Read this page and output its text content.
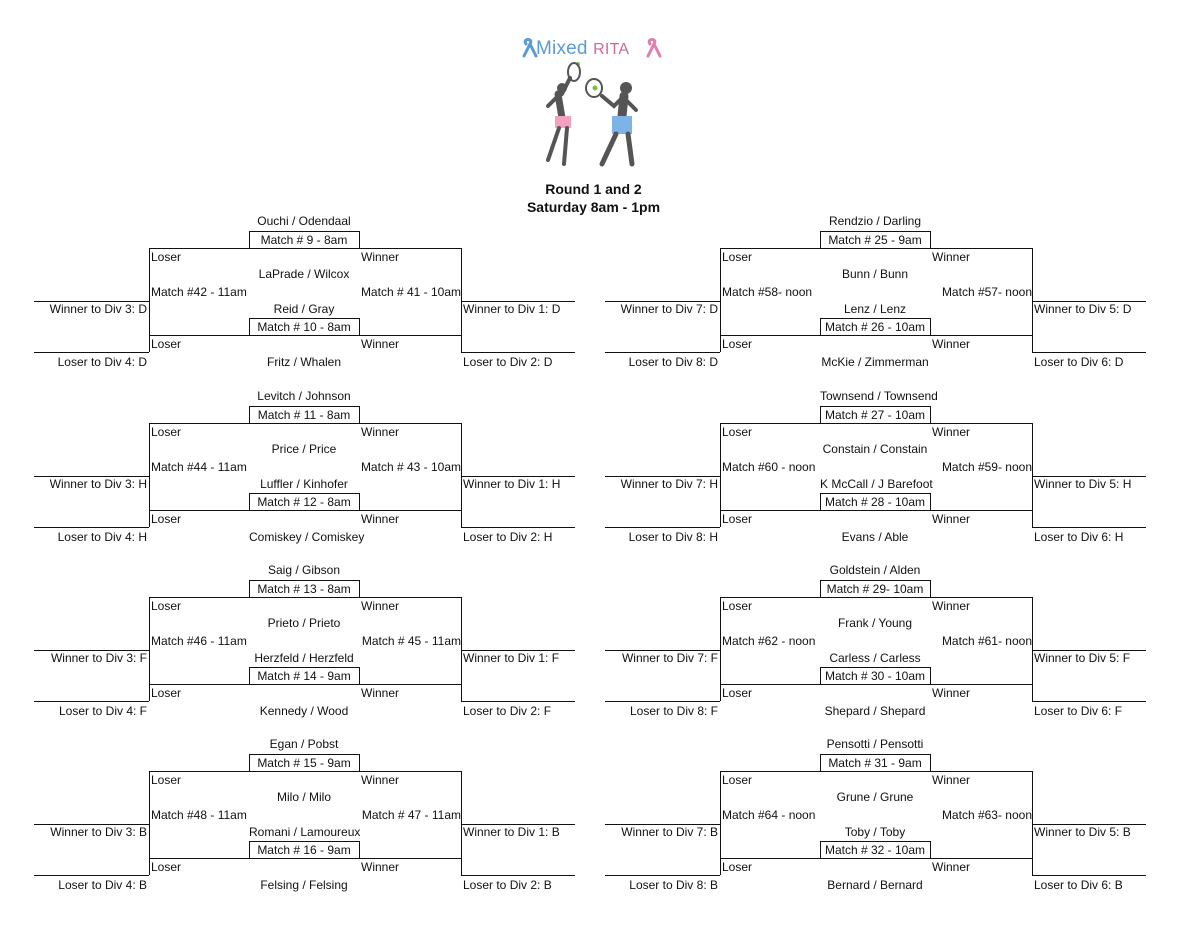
Mixed RITA
Round 1 and 2
Saturday 8am - 1pm
Ouchi / Odendaal
Match # 9 - 8am
Loser	Winner
LaPrade / Wilcox
Match #42 - 11am	Match # 41 - 10am
Winner to Div 3: D	Winner to Div 1: D
Reid / Gray
Match # 10 - 8am
Loser	Winner
Fritz / Whalen
Loser to Div 4: D	Loser to Div 2: D
Rendzio / Darling
Match # 25 - 9am
Loser	Winner
Bunn / Bunn
Match #58- noon	Match #57- noon
Winner to Div 7: D	Winner to Div 5: D
Lenz / Lenz
Match # 26 - 10am
Loser	Winner
McKie / Zimmerman
Loser to Div 8: D	Loser to Div 6: D
Levitch / Johnson
Match # 11 - 8am
Loser	Winner
Price / Price
Match #44 - 11am	Match # 43 - 10am
Winner to Div 3: H	Winner to Div 1: H
Luffler / Kinhofer
Match # 12 - 8am
Loser	Winner
Comiskey / Comiskey
Loser to Div 4: H	Loser to Div 2: H
Townsend / Townsend
Match # 27 - 10am
Loser	Winner
Constain / Constain
Match #60 - noon	Match #59- noon
Winner to Div 7: H	Winner to Div 5: H
K McCall / J Barefoot
Match # 28 - 10am
Loser	Winner
Evans / Able
Loser to Div 8: H	Loser to Div 6: H
Saig / Gibson
Match # 13 - 8am
Loser	Winner
Prieto / Prieto
Match #46 - 11am	Match # 45 - 11am
Winner to Div 3: F	Winner to Div 1: F
Herzfeld / Herzfeld
Match # 14 - 9am
Loser	Winner
Kennedy / Wood
Loser to Div 4: F	Loser to Div 2: F
Goldstein / Alden
Match # 29- 10am
Loser	Winner
Frank / Young
Match #62 - noon	Match #61- noon
Winner to Div 7: F	Winner to Div 5: F
Carless / Carless
Match # 30 - 10am
Loser	Winner
Shepard / Shepard
Loser to Div 8: F	Loser to Div 6: F
Egan / Pobst
Match # 15 - 9am
Loser	Winner
Milo / Milo
Match #48 - 11am	Match # 47 - 11am
Winner to Div 3: B	Winner to Div 1: B
Romani / Lamoureux
Match # 16 - 9am
Loser	Winner
Felsing / Felsing
Loser to Div 4: B	Loser to Div 2: B
Pensotti / Pensotti
Match # 31 - 9am
Loser	Winner
Grune / Grune
Match #64 - noon	Match #63- noon
Winner to Div 7: B	Winner to Div 5: B
Toby / Toby
Match # 32 - 10am
Loser	Winner
Bernard / Bernard
Loser to Div 8: B	Loser to Div 6: B
